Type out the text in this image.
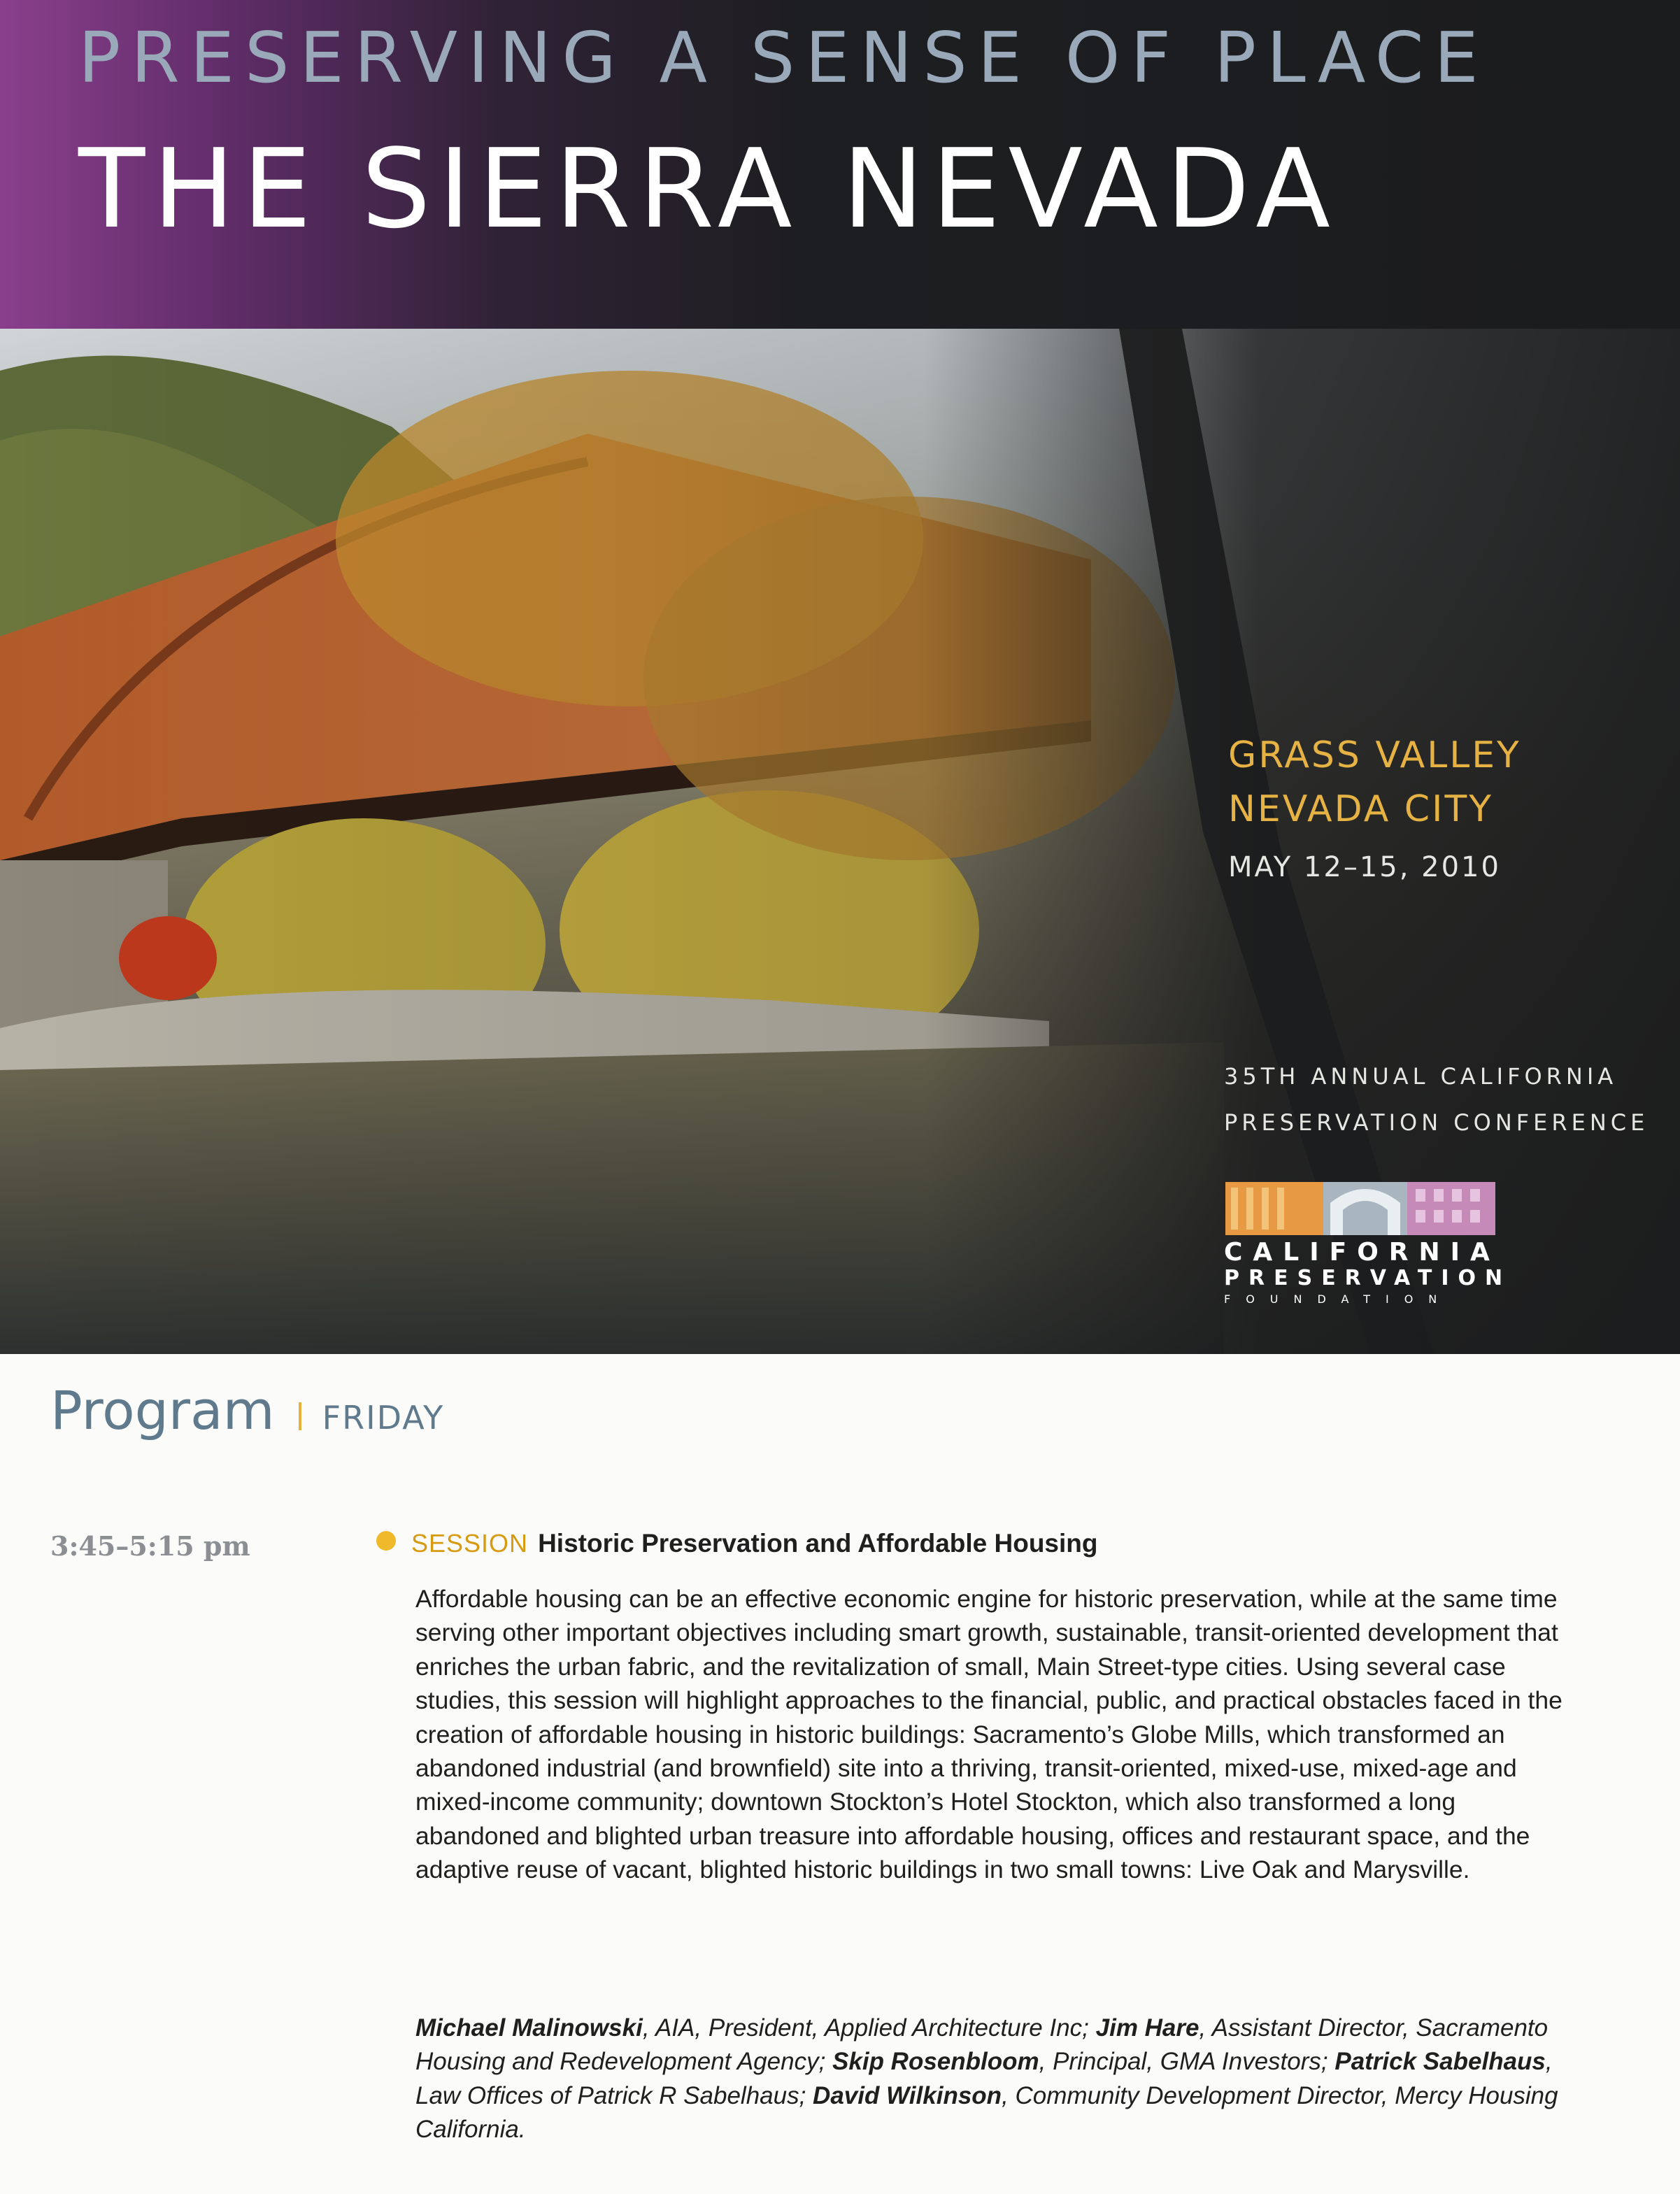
PRESERVING A SENSE OF PLACE
THE SIERRA NEVADA
GRASS VALLEY
NEVADA CITY
MAY 12–15, 2010
35TH ANNUAL CALIFORNIA
PRESERVATION CONFERENCE
CALIFORNIA
PRESERVATION
FOUNDATION
Program FRIDAY
3:45–5:15 pm	SESSION Historic Preservation and Affordable Housing
Affordable housing can be an effective economic engine for historic preservation, while at the same time serving other important objectives including smart growth, sustainable, transit-oriented development that enriches the urban fabric, and the revitalization of small, Main Street-type cities. Using several case studies, this session will highlight approaches to the financial, public, and practical obstacles faced in the creation of affordable housing in historic buildings: Sacramento’s Globe Mills, which transformed an abandoned industrial (and brownfield) site into a thriving, transit-oriented, mixed-use, mixed-age and mixed-income community; downtown Stockton’s Hotel Stockton, which also transformed a long abandoned and blighted urban treasure into affordable housing, offices and restaurant space, and the adaptive reuse of vacant, blighted historic buildings in two small towns: Live Oak and Marysville.
Michael Malinowski, AIA, President, Applied Architecture Inc; Jim Hare, Assistant Director, Sacramento Housing and Redevelopment Agency; Skip Rosenbloom, Principal, GMA Investors; Patrick Sabelhaus, Law Offices of Patrick R Sabelhaus; David Wilkinson, Community Development Director, Mercy Housing California.
